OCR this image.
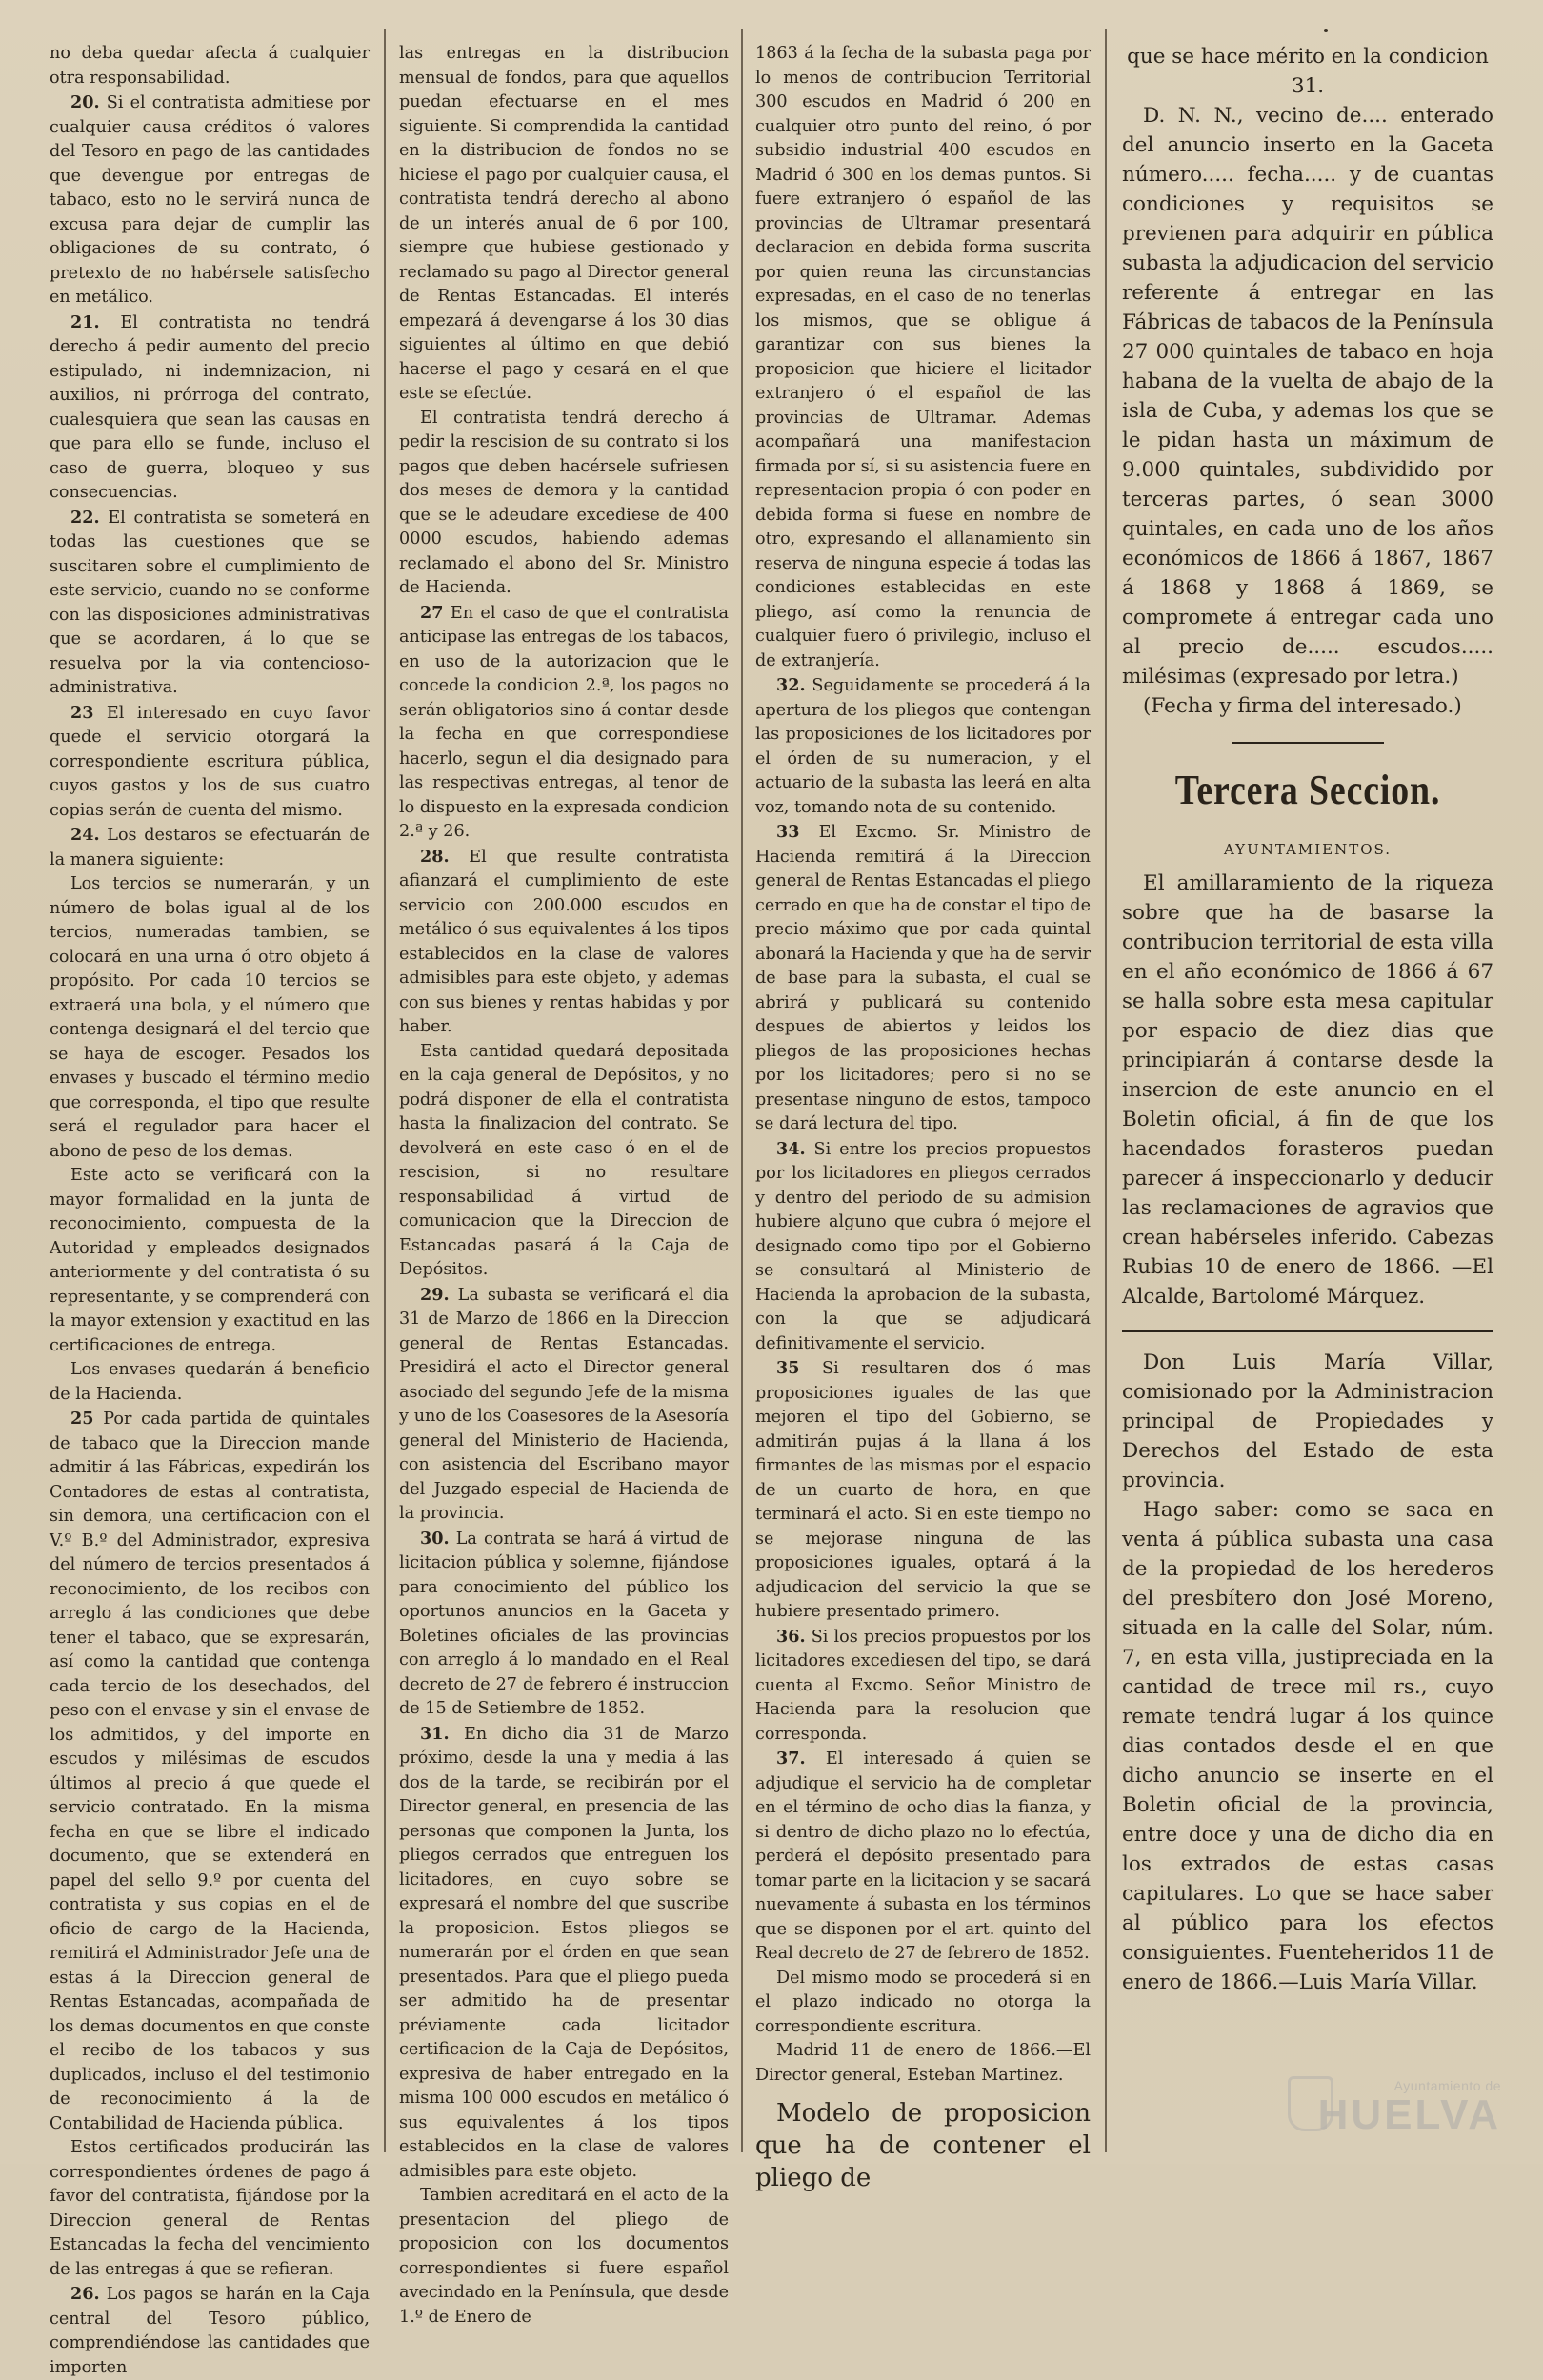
no deba quedar afecta á cualquier otra responsabilidad.

20. Si el contratista admitiese por cualquier causa créditos ó valores del Tesoro en pago de las cantidades que devengue por entregas de tabaco, esto no le servirá nunca de excusa para dejar de cumplir las obligaciones de su contrato, ó pretexto de no habérsele satisfecho en metálico.

21. El contratista no tendrá derecho á pedir aumento del precio estipulado, ni indemnizacion, ni auxilios, ni prórroga del contrato, cualesquiera que sean las causas en que para ello se funde, incluso el caso de guerra, bloqueo y sus consecuencias.

22. El contratista se someterá en todas las cuestiones que se suscitaren sobre el cumplimiento de este servicio, cuando no se conforme con las disposiciones administrativas que se acordaren, á lo que se resuelva por la via contencioso-administrativa.

23 El interesado en cuyo favor quede el servicio otorgará la correspondiente escritura pública, cuyos gastos y los de sus cuatro copias serán de cuenta del mismo.

24. Los destaros se efectuarán de la manera siguiente:

Los tercios se numerarán, y un número de bolas igual al de los tercios, numeradas tambien, se colocará en una urna ó otro objeto á propósito. Por cada 10 tercios se extraerá una bola, y el número que contenga designará el del tercio que se haya de escoger. Pesados los envases y buscado el término medio que corresponda, el tipo que resulte será el regulador para hacer el abono de peso de los demas.

Este acto se verificará con la mayor formalidad en la junta de reconocimiento, compuesta de la Autoridad y empleados designados anteriormente y del contratista ó su representante, y se comprenderá con la mayor extension y exactitud en las certificaciones de entrega.

Los envases quedarán á beneficio de la Hacienda.

25 Por cada partida de quintales de tabaco que la Direccion mande admitir á las Fábricas, expedirán los Contadores de estas al contratista, sin demora, una certificacion con el V.º B.º del Administrador, expresiva del número de tercios presentados á reconocimiento, de los recibos con arreglo á las condiciones que debe tener el tabaco, que se expresarán, así como la cantidad que contenga cada tercio de los desechados, del peso con el envase y sin el envase de los admitidos, y del importe en escudos y milésimas de escudos últimos al precio á que quede el servicio contratado. En la misma fecha en que se libre el indicado documento, que se extenderá en papel del sello 9.º por cuenta del contratista y sus copias en el de oficio de cargo de la Hacienda, remitirá el Administrador Jefe una de estas á la Direccion general de Rentas Estancadas, acompañada de los demas documentos en que conste el recibo de los tabacos y sus duplicados, incluso el del testimonio de reconocimiento á la de Contabilidad de Hacienda pública.

Estos certificados producirán las correspondientes órdenes de pago á favor del contratista, fijándose por la Direccion general de Rentas Estancadas la fecha del vencimiento de las entregas á que se refieran.

26. Los pagos se harán en la Caja central del Tesoro público, comprendiéndose las cantidades que importen

las entregas en la distribucion mensual de fondos, para que aquellos puedan efectuarse en el mes siguiente. Si comprendida la cantidad en la distribucion de fondos no se hiciese el pago por cualquier causa, el contratista tendrá derecho al abono de un interés anual de 6 por 100, siempre que hubiese gestionado y reclamado su pago al Director general de Rentas Estancadas. El interés empezará á devengarse á los 30 dias siguientes al último en que debió hacerse el pago y cesará en el que este se efectúe.

El contratista tendrá derecho á pedir la rescision de su contrato si los pagos que deben hacérsele sufriesen dos meses de demora y la cantidad que se le adeudare excediese de 400 0000 escudos, habiendo ademas reclamado el abono del Sr. Ministro de Hacienda.

27 En el caso de que el contratista anticipase las entregas de los tabacos, en uso de la autorizacion que le concede la condicion 2.ª, los pagos no serán obligatorios sino á contar desde la fecha en que correspondiese hacerlo, segun el dia designado para las respectivas entregas, al tenor de lo dispuesto en la expresada condicion 2.ª y 26.

28. El que resulte contratista afianzará el cumplimiento de este servicio con 200.000 escudos en metálico ó sus equivalentes á los tipos establecidos en la clase de valores admisibles para este objeto, y ademas con sus bienes y rentas habidas y por haber.

Esta cantidad quedará depositada en la caja general de Depósitos, y no podrá disponer de ella el contratista hasta la finalizacion del contrato. Se devolverá en este caso ó en el de rescision, si no resultare responsabilidad á virtud de comunicacion que la Direccion de Estancadas pasará á la Caja de Depósitos.

29. La subasta se verificará el dia 31 de Marzo de 1866 en la Direccion general de Rentas Estancadas. Presidirá el acto el Director general asociado del segundo Jefe de la misma y uno de los Coasesores de la Asesoría general del Ministerio de Hacienda, con asistencia del Escribano mayor del Juzgado especial de Hacienda de la provincia.

30. La contrata se hará á virtud de licitacion pública y solemne, fijándose para conocimiento del público los oportunos anuncios en la Gaceta y Boletines oficiales de las provincias con arreglo á lo mandado en el Real decreto de 27 de febrero é instruccion de 15 de Setiembre de 1852.

31. En dicho dia 31 de Marzo próximo, desde la una y media á las dos de la tarde, se recibirán por el Director general, en presencia de las personas que componen la Junta, los pliegos cerrados que entreguen los licitadores, en cuyo sobre se expresará el nombre del que suscribe la proposicion. Estos pliegos se numerarán por el órden en que sean presentados. Para que el pliego pueda ser admitido ha de presentar préviamente cada licitador certificacion de la Caja de Depósitos, expresiva de haber entregado en la misma 100 000 escudos en metálico ó sus equivalentes á los tipos establecidos en la clase de valores admisibles para este objeto.

Tambien acreditará en el acto de la presentacion del pliego de proposicion con los documentos correspondientes si fuere español avecindado en la Península, que desde 1.º de Enero de

1863 á la fecha de la subasta paga por lo menos de contribucion Territorial 300 escudos en Madrid ó 200 en cualquier otro punto del reino, ó por subsidio industrial 400 escudos en Madrid ó 300 en los demas puntos. Si fuere extranjero ó español de las provincias de Ultramar presentará declaracion en debida forma suscrita por quien reuna las circunstancias expresadas, en el caso de no tenerlas los mismos, que se obligue á garantizar con sus bienes la proposicion que hiciere el licitador extranjero ó el español de las provincias de Ultramar. Ademas acompañará una manifestacion firmada por sí, si su asistencia fuere en representacion propia ó con poder en debida forma si fuese en nombre de otro, expresando el allanamiento sin reserva de ninguna especie á todas las condiciones establecidas en este pliego, así como la renuncia de cualquier fuero ó privilegio, incluso el de extranjería.

32. Seguidamente se procederá á la apertura de los pliegos que contengan las proposiciones de los licitadores por el órden de su numeracion, y el actuario de la subasta las leerá en alta voz, tomando nota de su contenido.

33 El Excmo. Sr. Ministro de Hacienda remitirá á la Direccion general de Rentas Estancadas el pliego cerrado en que ha de constar el tipo de precio máximo que por cada quintal abonará la Hacienda y que ha de servir de base para la subasta, el cual se abrirá y publicará su contenido despues de abiertos y leidos los pliegos de las proposiciones hechas por los licitadores; pero si no se presentase ninguno de estos, tampoco se dará lectura del tipo.

34. Si entre los precios propuestos por los licitadores en pliegos cerrados y dentro del periodo de su admision hubiere alguno que cubra ó mejore el designado como tipo por el Gobierno se consultará al Ministerio de Hacienda la aprobacion de la subasta, con la que se adjudicará definitivamente el servicio.

35 Si resultaren dos ó mas proposiciones iguales de las que mejoren el tipo del Gobierno, se admitirán pujas á la llana á los firmantes de las mismas por el espacio de un cuarto de hora, en que terminará el acto. Si en este tiempo no se mejorase ninguna de las proposiciones iguales, optará á la adjudicacion del servicio la que se hubiere presentado primero.

36. Si los precios propuestos por los licitadores excediesen del tipo, se dará cuenta al Excmo. Señor Ministro de Hacienda para la resolucion que corresponda.

37. El interesado á quien se adjudique el servicio ha de completar en el término de ocho dias la fianza, y si dentro de dicho plazo no lo efectúa, perderá el depósito presentado para tomar parte en la licitacion y se sacará nuevamente á subasta en los términos que se disponen por el art. quinto del Real decreto de 27 de febrero de 1852.

Del mismo modo se procederá si en el plazo indicado no otorga la correspondiente escritura.

Madrid 11 de enero de 1866.—El Director general, Esteban Martinez.

Modelo de proposicion que ha de contener el pliego de

que se hace mérito en la condicion 31.

D. N. N., vecino de.... enterado del anuncio inserto en la Gaceta número..... fecha..... y de cuantas condiciones y requisitos se previenen para adquirir en pública subasta la adjudicacion del servicio referente á entregar en las Fábricas de tabacos de la Península 27 000 quintales de tabaco en hoja habana de la vuelta de abajo de la isla de Cuba, y ademas los que se le pidan hasta un máximum de 9.000 quintales, subdividido por terceras partes, ó sean 3000 quintales, en cada uno de los años económicos de 1866 á 1867, 1867 á 1868 y 1868 á 1869, se compromete á entregar cada uno al precio de..... escudos..... milésimas (expresado por letra.)

(Fecha y firma del interesado.)

Tercera Seccion.
AYUNTAMIENTOS.

El amillaramiento de la riqueza sobre que ha de basarse la contribucion territorial de esta villa en el año económico de 1866 á 67 se halla sobre esta mesa capitular por espacio de diez dias que principiarán á contarse desde la insercion de este anuncio en el Boletin oficial, á fin de que los hacendados forasteros puedan parecer á inspeccionarlo y deducir las reclamaciones de agravios que crean habérseles inferido. Cabezas Rubias 10 de enero de 1866. —El Alcalde, Bartolomé Márquez.

Don Luis María Villar, comisionado por la Administracion principal de Propiedades y Derechos del Estado de esta provincia.

Hago saber: como se saca en venta á pública subasta una casa de la propiedad de los herederos del presbítero don José Moreno, situada en la calle del Solar, núm. 7, en esta villa, justipreciada en la cantidad de trece mil rs., cuyo remate tendrá lugar á los quince dias contados desde el en que dicho anuncio se inserte en el Boletin oficial de la provincia, entre doce y una de dicho dia en los extrados de estas casas capitulares. Lo que se hace saber al público para los efectos consiguientes. Fuenteheridos 11 de enero de 1866.—Luis María Villar.

Ayuntamiento de
HUELVA
